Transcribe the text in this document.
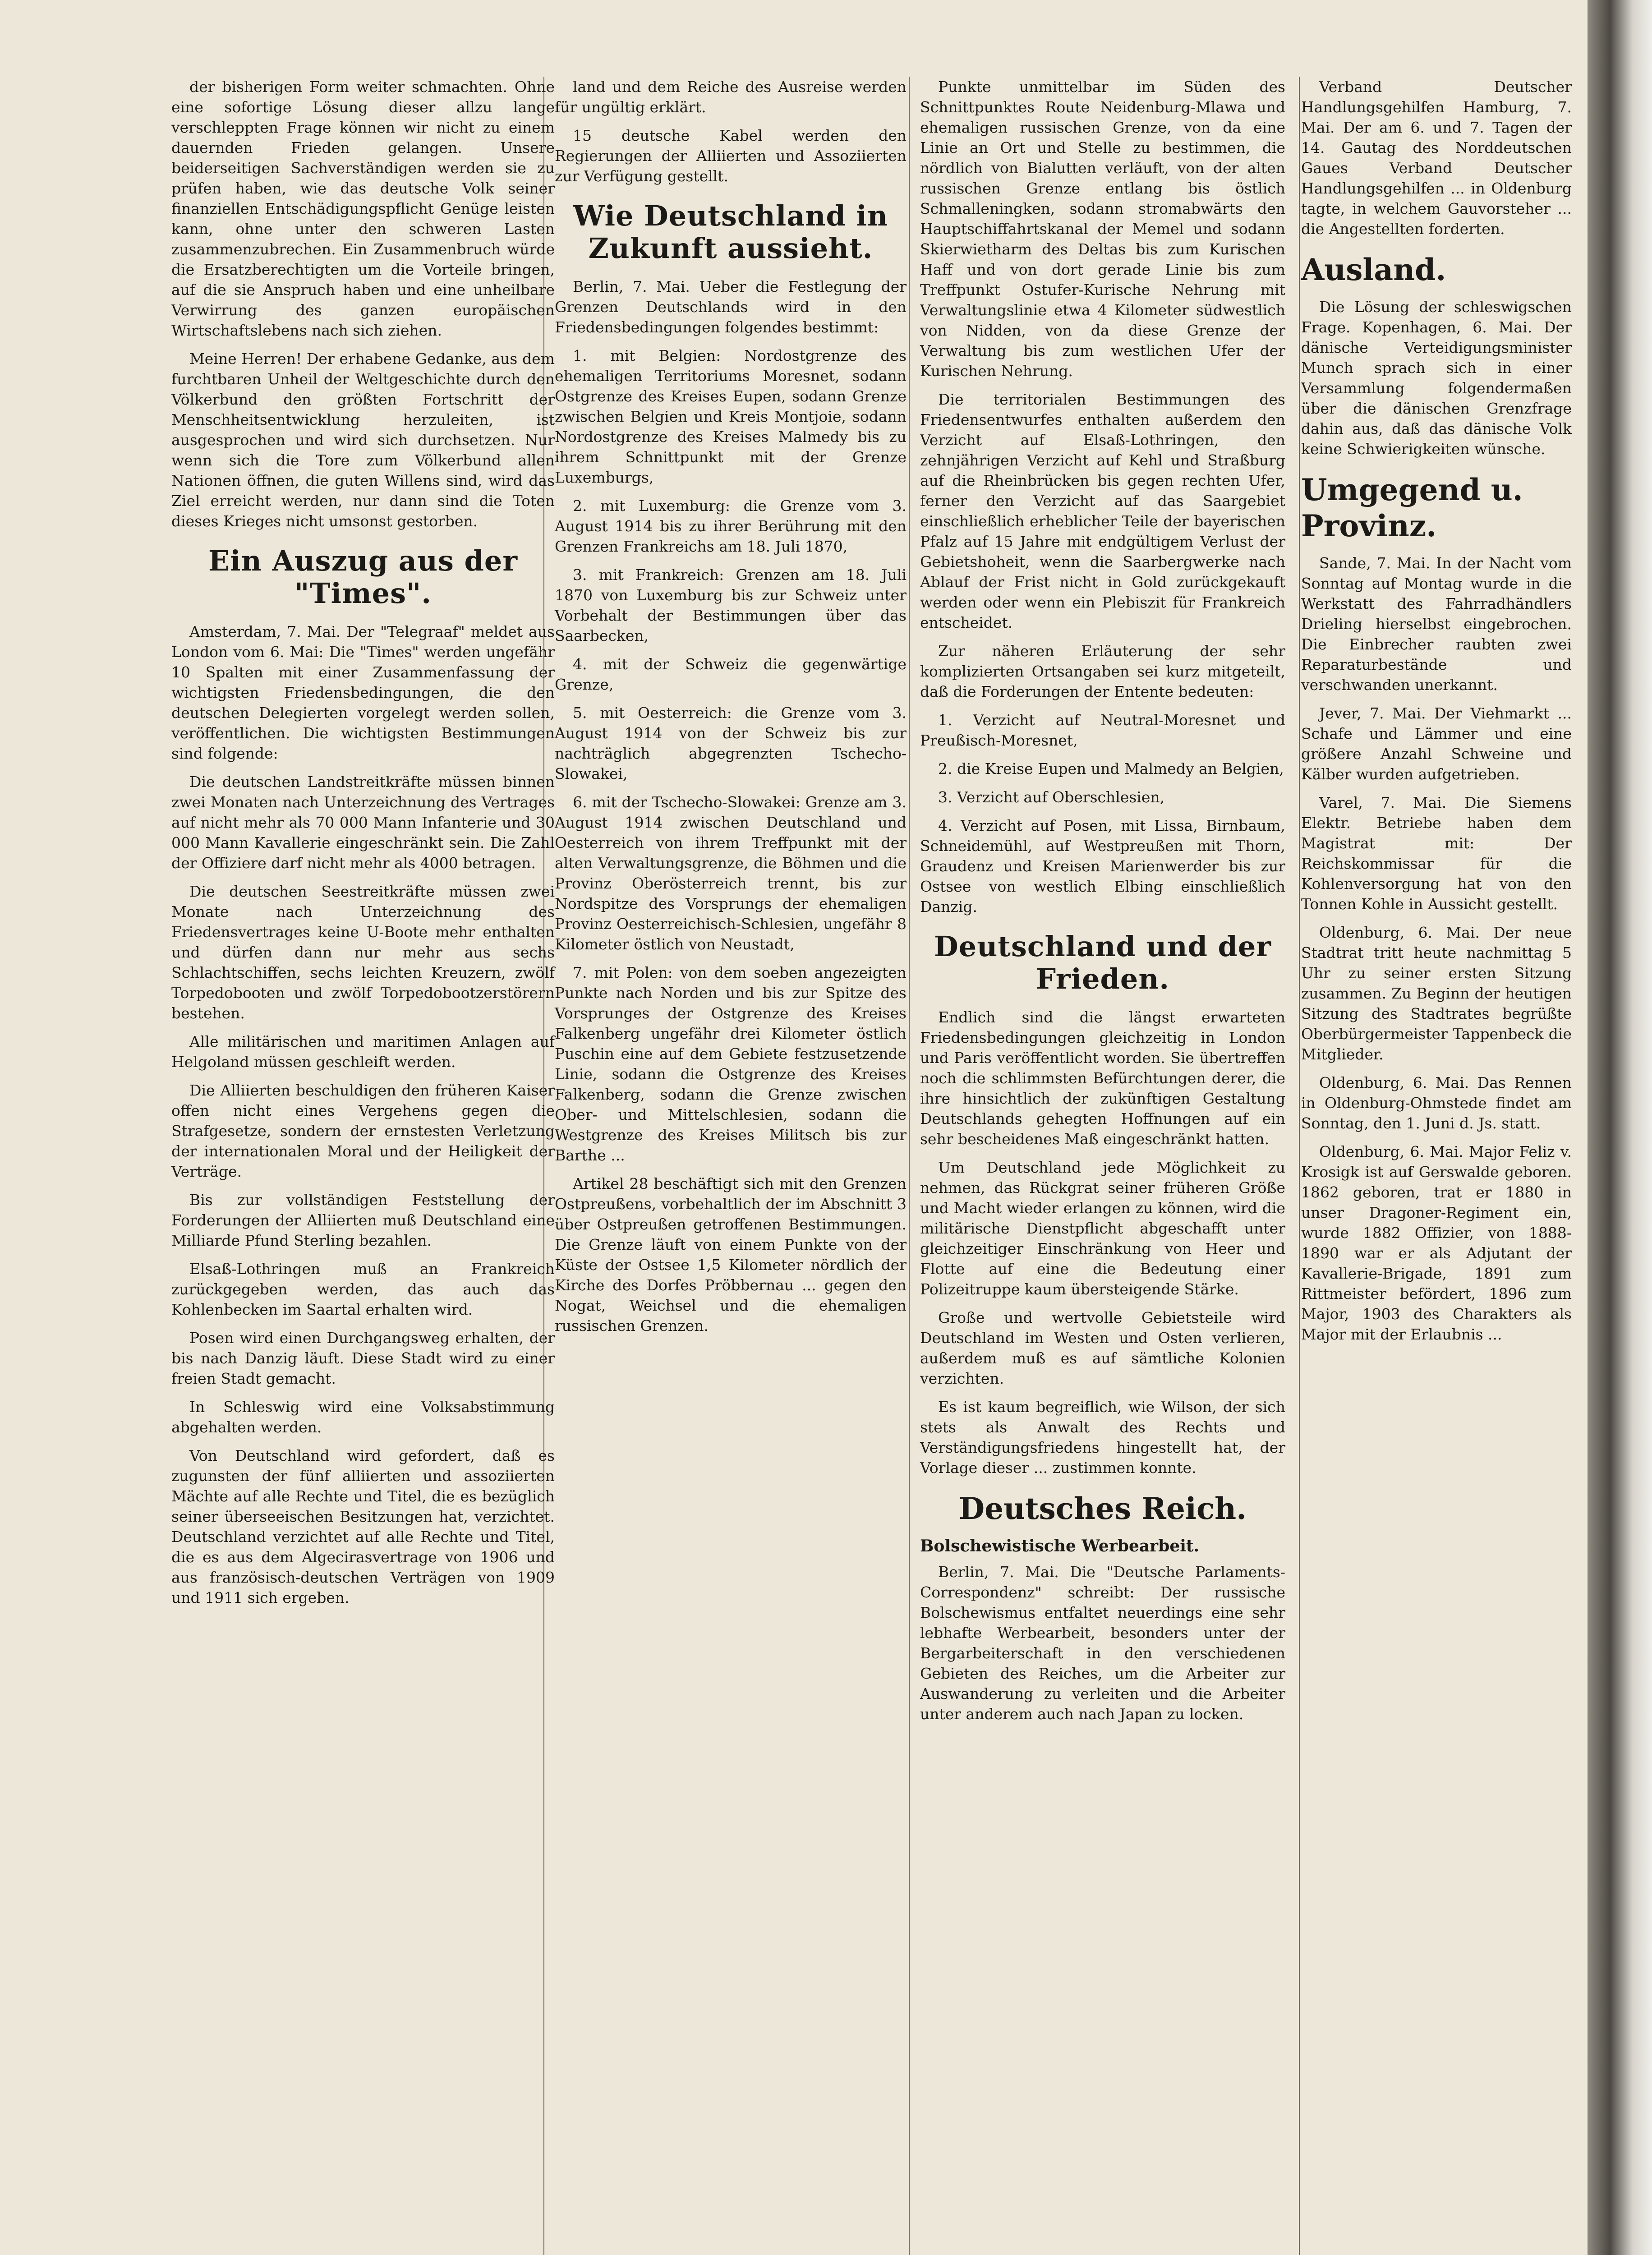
der bisherigen Form weiter schmachten. Ohne eine sofortige Lösung dieser allzu lange verschleppten Frage können wir nicht zu einem dauernden Frieden gelangen. Unsere beiderseitigen Sachverständigen werden sie zu prüfen haben, wie das deutsche Volk seiner finanziellen Entschädigungspflicht Genüge leisten kann, ohne unter den schweren Lasten zusammenzubrechen. Ein Zusammenbruch würde die Ersatzberechtigten um die Vorteile bringen, auf die sie Anspruch haben und eine unheilbare Verwirrung des ganzen europäischen Wirtschaftslebens nach sich ziehen.

Meine Herren! Der erhabene Gedanke, aus dem furchtbaren Unheil der Weltgeschichte durch den Völkerbund den größten Fortschritt der Menschheitsentwicklung herzuleiten, ist ausgesprochen und wird sich durchsetzen. Nur wenn sich die Tore zum Völkerbund allen Nationen öffnen, die guten Willens sind, wird das Ziel erreicht werden, nur dann sind die Toten dieses Krieges nicht umsonst gestorben.

Ein Auszug aus der "Times".

Amsterdam, 7. Mai. Der "Telegraaf" meldet aus London vom 6. Mai: Die "Times" werden ungefähr 10 Spalten mit einer Zusammenfassung der wichtigsten Friedensbedingungen, die den deutschen Delegierten vorgelegt werden sollen, veröffentlichen. Die wichtigsten Bestimmungen sind folgende:

Die deutschen Landstreitkräfte müssen binnen zwei Monaten nach Unterzeichnung des Vertrages auf nicht mehr als 70 000 Mann Infanterie und 30 000 Mann Kavallerie eingeschränkt sein. Die Zahl der Offiziere darf nicht mehr als 4000 betragen.

Die deutschen Seestreitkräfte müssen zwei Monate nach Unterzeichnung des Friedensvertrages keine U-Boote mehr enthalten und dürfen dann nur mehr aus sechs Schlachtschiffen, sechs leichten Kreuzern, zwölf Torpedobooten und zwölf Torpedobootzerstörern bestehen.

Alle militärischen und maritimen Anlagen auf Helgoland müssen geschleift werden.

Die Alliierten beschuldigen den früheren Kaiser offen nicht eines Vergehens gegen die Strafgesetze, sondern der ernstesten Verletzung der internationalen Moral und der Heiligkeit der Verträge.

Bis zur vollständigen Feststellung der Forderungen der Alliierten muß Deutschland eine Milliarde Pfund Sterling bezahlen.

Elsaß-Lothringen muß an Frankreich zurückgegeben werden, das auch das Kohlenbecken im Saartal erhalten wird.

Posen wird einen Durchgangsweg erhalten, der bis nach Danzig läuft. Diese Stadt wird zu einer freien Stadt gemacht.

In Schleswig wird eine Volksabstimmung abgehalten werden.

Von Deutschland wird gefordert, daß es zugunsten der fünf alliierten und assoziierten Mächte auf alle Rechte und Titel, die es bezüglich seiner überseeischen Besitzungen hat, verzichtet. Deutschland verzichtet auf alle Rechte und Titel, die es aus dem Algecirasvertrage von 1906 und aus französisch-deutschen Verträgen von 1909 und 1911 sich ergeben.

land und dem Reiche des Ausreise werden für ungültig erklärt.

15 deutsche Kabel werden den Regierungen der Alliierten und Assoziierten zur Verfügung gestellt.

Wie Deutschland in Zukunft aussieht.

Berlin, 7. Mai. Ueber die Festlegung der Grenzen Deutschlands wird in den Friedensbedingungen folgendes bestimmt:

1. mit Belgien: Nordostgrenze des ehemaligen Territoriums Moresnet, sodann Ostgrenze des Kreises Eupen, sodann Grenze zwischen Belgien und Kreis Montjoie, sodann Nordostgrenze des Kreises Malmedy bis zu ihrem Schnittpunkt mit der Grenze Luxemburgs,

2. mit Luxemburg: die Grenze vom 3. August 1914 bis zu ihrer Berührung mit den Grenzen Frankreichs am 18. Juli 1870,

3. mit Frankreich: Grenzen am 18. Juli 1870 von Luxemburg bis zur Schweiz unter Vorbehalt der Bestimmungen über das Saarbecken,

4. mit der Schweiz die gegenwärtige Grenze,

5. mit Oesterreich: die Grenze vom 3. August 1914 von der Schweiz bis zur nachträglich abgegrenzten Tschecho-Slowakei,

6. mit der Tschecho-Slowakei: Grenze am 3. August 1914 zwischen Deutschland und Oesterreich von ihrem Treffpunkt mit der alten Verwaltungsgrenze, die Böhmen und die Provinz Oberösterreich trennt, bis zur Nordspitze des Vorsprungs der ehemaligen Provinz Oesterreichisch-Schlesien, ungefähr 8 Kilometer östlich von Neustadt,

7. mit Polen: von dem soeben angezeigten Punkte nach Norden und bis zur Spitze des Vorsprunges der Ostgrenze des Kreises Falkenberg ungefähr drei Kilometer östlich Puschin eine auf dem Gebiete festzusetzende Linie, sodann die Ostgrenze des Kreises Falkenberg, sodann die Grenze zwischen Ober- und Mittelschlesien, sodann die Westgrenze des Kreises Militsch bis zur Barthe ...

Artikel 28 beschäftigt sich mit den Grenzen Ostpreußens, vorbehaltlich der im Abschnitt 3 über Ostpreußen getroffenen Bestimmungen. Die Grenze läuft von einem Punkte von der Küste der Ostsee 1,5 Kilometer nördlich der Kirche des Dorfes Pröbbernau ... gegen den Nogat, Weichsel und die ehemaligen russischen Grenzen.

Punkte unmittelbar im Süden des Schnittpunktes Route Neidenburg-Mlawa und ehemaligen russischen Grenze, von da eine Linie an Ort und Stelle zu bestimmen, die nördlich von Bialutten verläuft, von der alten russischen Grenze entlang bis östlich Schmalleningken, sodann stromabwärts den Hauptschiffahrtskanal der Memel und sodann Skierwietharm des Deltas bis zum Kurischen Haff und von dort gerade Linie bis zum Treffpunkt Ostufer-Kurische Nehrung mit Verwaltungslinie etwa 4 Kilometer südwestlich von Nidden, von da diese Grenze der Verwaltung bis zum westlichen Ufer der Kurischen Nehrung.

Die territorialen Bestimmungen des Friedensentwurfes enthalten außerdem den Verzicht auf Elsaß-Lothringen, den zehnjährigen Verzicht auf Kehl und Straßburg auf die Rheinbrücken bis gegen rechten Ufer, ferner den Verzicht auf das Saargebiet einschließlich erheblicher Teile der bayerischen Pfalz auf 15 Jahre mit endgültigem Verlust der Gebietshoheit, wenn die Saarbergwerke nach Ablauf der Frist nicht in Gold zurückgekauft werden oder wenn ein Plebiszit für Frankreich entscheidet.

Zur näheren Erläuterung der sehr komplizierten Ortsangaben sei kurz mitgeteilt, daß die Forderungen der Entente bedeuten:

1. Verzicht auf Neutral-Moresnet und Preußisch-Moresnet,

2. die Kreise Eupen und Malmedy an Belgien,

3. Verzicht auf Oberschlesien,

4. Verzicht auf Posen, mit Lissa, Birnbaum, Schneidemühl, auf Westpreußen mit Thorn, Graudenz und Kreisen Marienwerder bis zur Ostsee von westlich Elbing einschließlich Danzig.

Deutschland und der Frieden.

Endlich sind die längst erwarteten Friedensbedingungen gleichzeitig in London und Paris veröffentlicht worden. Sie übertreffen noch die schlimmsten Befürchtungen derer, die ihre hinsichtlich der zukünftigen Gestaltung Deutschlands gehegten Hoffnungen auf ein sehr bescheidenes Maß eingeschränkt hatten.

Um Deutschland jede Möglichkeit zu nehmen, das Rückgrat seiner früheren Größe und Macht wieder erlangen zu können, wird die militärische Dienstpflicht abgeschafft unter gleichzeitiger Einschränkung von Heer und Flotte auf eine die Bedeutung einer Polizeitruppe kaum übersteigende Stärke.

Große und wertvolle Gebietsteile wird Deutschland im Westen und Osten verlieren, außerdem muß es auf sämtliche Kolonien verzichten.

Es ist kaum begreiflich, wie Wilson, der sich stets als Anwalt des Rechts und Verständigungsfriedens hingestellt hat, der Vorlage dieser ... zustimmen konnte.

Deutsches Reich.
Bolschewistische Werbearbeit.

Berlin, 7. Mai. Die "Deutsche Parlaments-Correspondenz" schreibt: Der russische Bolschewismus entfaltet neuerdings eine sehr lebhafte Werbearbeit, besonders unter der Bergarbeiterschaft in den verschiedenen Gebieten des Reiches, um die Arbeiter zur Auswanderung zu verleiten und die Arbeiter unter anderem auch nach Japan zu locken.

Verband Deutscher Handlungsgehilfen Hamburg, 7. Mai. Der am 6. und 7. Tagen der 14. Gautag des Norddeutschen Gaues Verband Deutscher Handlungsgehilfen ... in Oldenburg tagte, in welchem Gauvorsteher ... die Angestellten forderten.

Ausland.

Die Lösung der schleswigschen Frage. Kopenhagen, 6. Mai. Der dänische Verteidigungsminister Munch sprach sich in einer Versammlung folgendermaßen über die dänischen Grenzfrage dahin aus, daß das dänische Volk keine Schwierigkeiten wünsche.

Umgegend u. Provinz.

Sande, 7. Mai. In der Nacht vom Sonntag auf Montag wurde in die Werkstatt des Fahrradhändlers Drieling hierselbst eingebrochen. Die Einbrecher raubten zwei Reparaturbestände und verschwanden unerkannt.

Jever, 7. Mai. Der Viehmarkt ... Schafe und Lämmer und eine größere Anzahl Schweine und Kälber wurden aufgetrieben.

Varel, 7. Mai. Die Siemens Elektr. Betriebe haben dem Magistrat mit: Der Reichskommissar für die Kohlenversorgung hat von den Tonnen Kohle in Aussicht gestellt.

Oldenburg, 6. Mai. Der neue Stadtrat tritt heute nachmittag 5 Uhr zu seiner ersten Sitzung zusammen. Zu Beginn der heutigen Sitzung des Stadtrates begrüßte Oberbürgermeister Tappenbeck die Mitglieder.

Oldenburg, 6. Mai. Das Rennen in Oldenburg-Ohmstede findet am Sonntag, den 1. Juni d. Js. statt.

Oldenburg, 6. Mai. Major Feliz v. Krosigk ist auf Gerswalde geboren. 1862 geboren, trat er 1880 in unser Dragoner-Regiment ein, wurde 1882 Offizier, von 1888-1890 war er als Adjutant der Kavallerie-Brigade, 1891 zum Rittmeister befördert, 1896 zum Major, 1903 des Charakters als Major mit der Erlaubnis ...
